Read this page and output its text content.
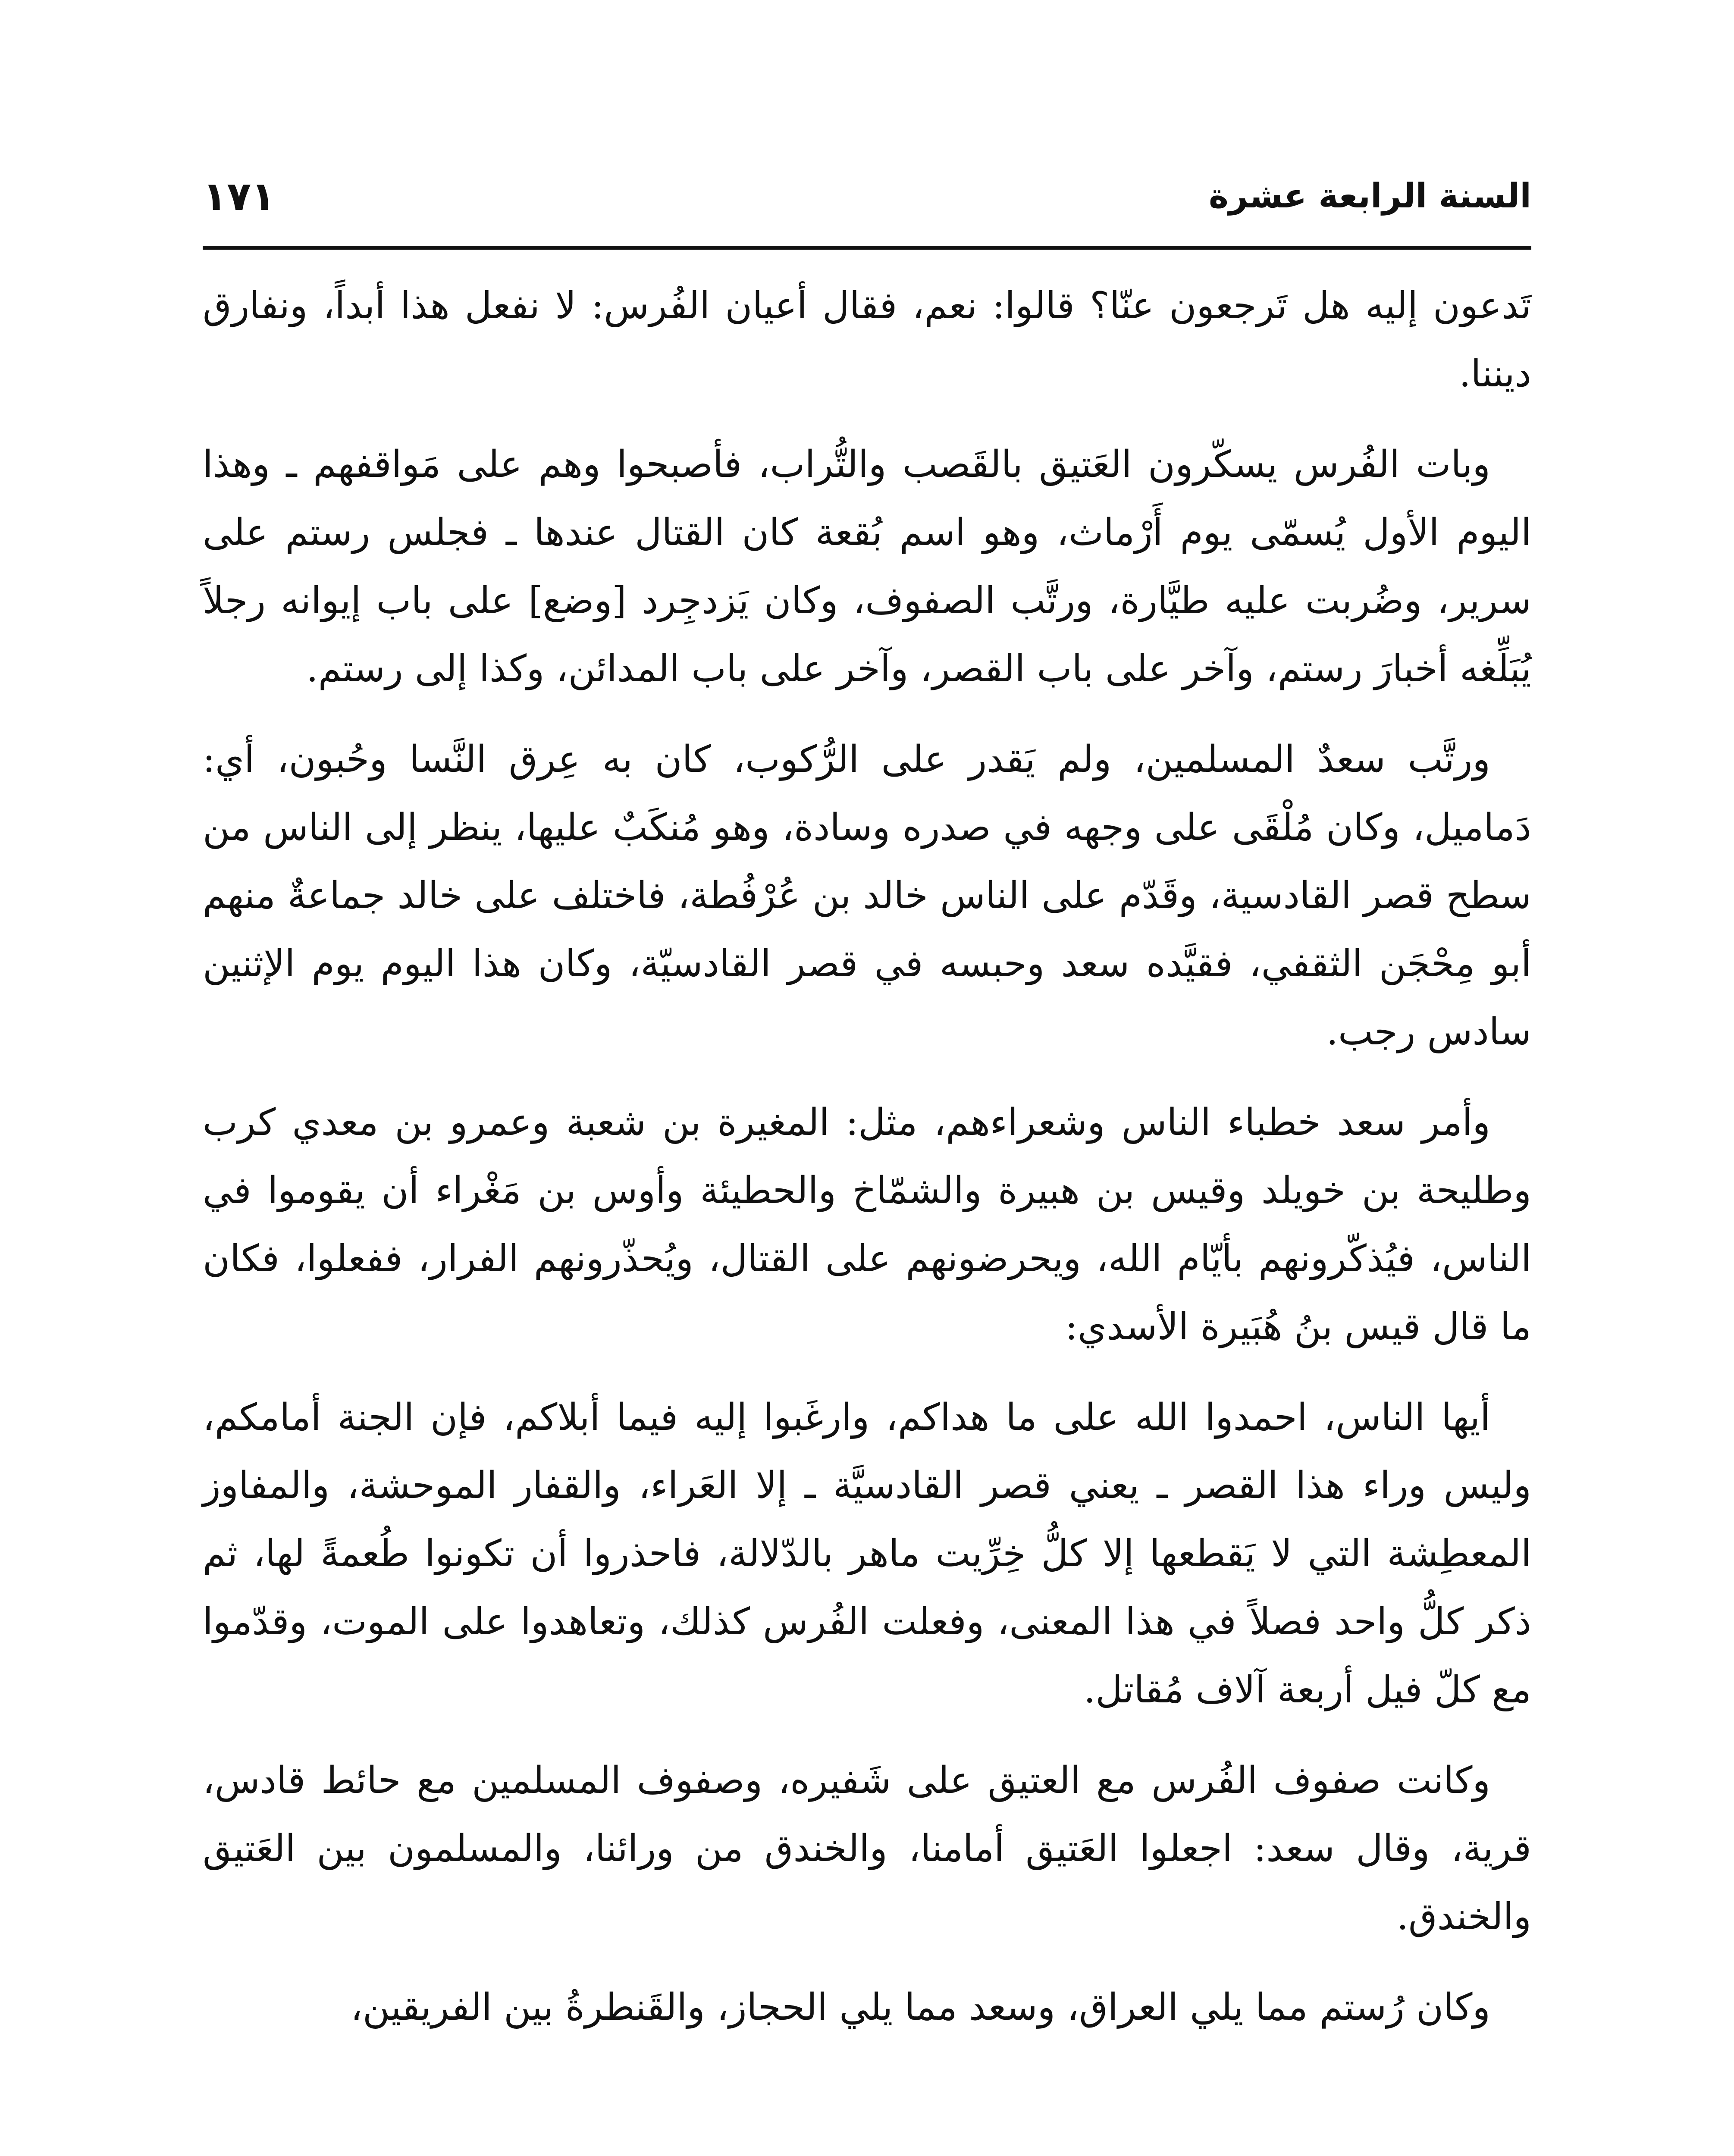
السنة الرابعة عشرة
١٧١

تَدعون إليه هل تَرجعون عنّا؟ قالوا: نعم، فقال أعيان الفُرس: لا نفعل هذا أبداً، ونفارق ديننا.

وبات الفُرس يسكّرون العَتيق بالقَصب والتُّراب، فأصبحوا وهم على مَواقفهم ـ وهذا اليوم الأول يُسمّى يوم أَرْماث، وهو اسم بُقعة كان القتال عندها ـ فجلس رستم على سرير، وضُربت عليه طيَّارة، ورتَّب الصفوف، وكان يَزدجِرد [وضع] على باب إيوانه رجلاً يُبَلِّغه أخبارَ رستم، وآخر على باب القصر، وآخر على باب المدائن، وكذا إلى رستم.

ورتَّب سعدٌ المسلمين، ولم يَقدر على الرُّكوب، كان به عِرق النَّسا وحُبون، أي: دَماميل، وكان مُلْقَى على وجهه في صدره وسادة، وهو مُنكَبٌ عليها، ينظر إلى الناس من سطح قصر القادسية، وقَدّم على الناس خالد بن عُرْفُطة، فاختلف على خالد جماعةٌ منهم أبو مِحْجَن الثقفي، فقيَّده سعد وحبسه في قصر القادسيّة، وكان هذا اليوم يوم الإثنين سادس رجب.

وأمر سعد خطباء الناس وشعراءهم، مثل: المغيرة بن شعبة وعمرو بن معدي كرب وطليحة بن خويلد وقيس بن هبيرة والشمّاخ والحطيئة وأوس بن مَغْراء أن يقوموا في الناس، فيُذكّرونهم بأيّام الله، ويحرضونهم على القتال، ويُحذّرونهم الفرار، ففعلوا، فكان ما قال قيس بنُ هُبَيرة الأسدي:

أيها الناس، احمدوا الله على ما هداكم، وارغَبوا إليه فيما أبلاكم، فإن الجنة أمامكم، وليس وراء هذا القصر ـ يعني قصر القادسيَّة ـ إلا العَراء، والقفار الموحشة، والمفاوز المعطِشة التي لا يَقطعها إلا كلُّ خِرِّيت ماهر بالدّلالة، فاحذروا أن تكونوا طُعمةً لها، ثم ذكر كلُّ واحد فصلاً في هذا المعنى، وفعلت الفُرس كذلك، وتعاهدوا على الموت، وقدّموا مع كلّ فيل أربعة آلاف مُقاتل.

وكانت صفوف الفُرس مع العتيق على شَفيره، وصفوف المسلمين مع حائط قادس، قرية، وقال سعد: اجعلوا العَتيق أمامنا، والخندق من ورائنا، والمسلمون بين العَتيق والخندق.

وكان رُستم مما يلي العراق، وسعد مما يلي الحجاز، والقَنطرةُ بين الفريقين،
